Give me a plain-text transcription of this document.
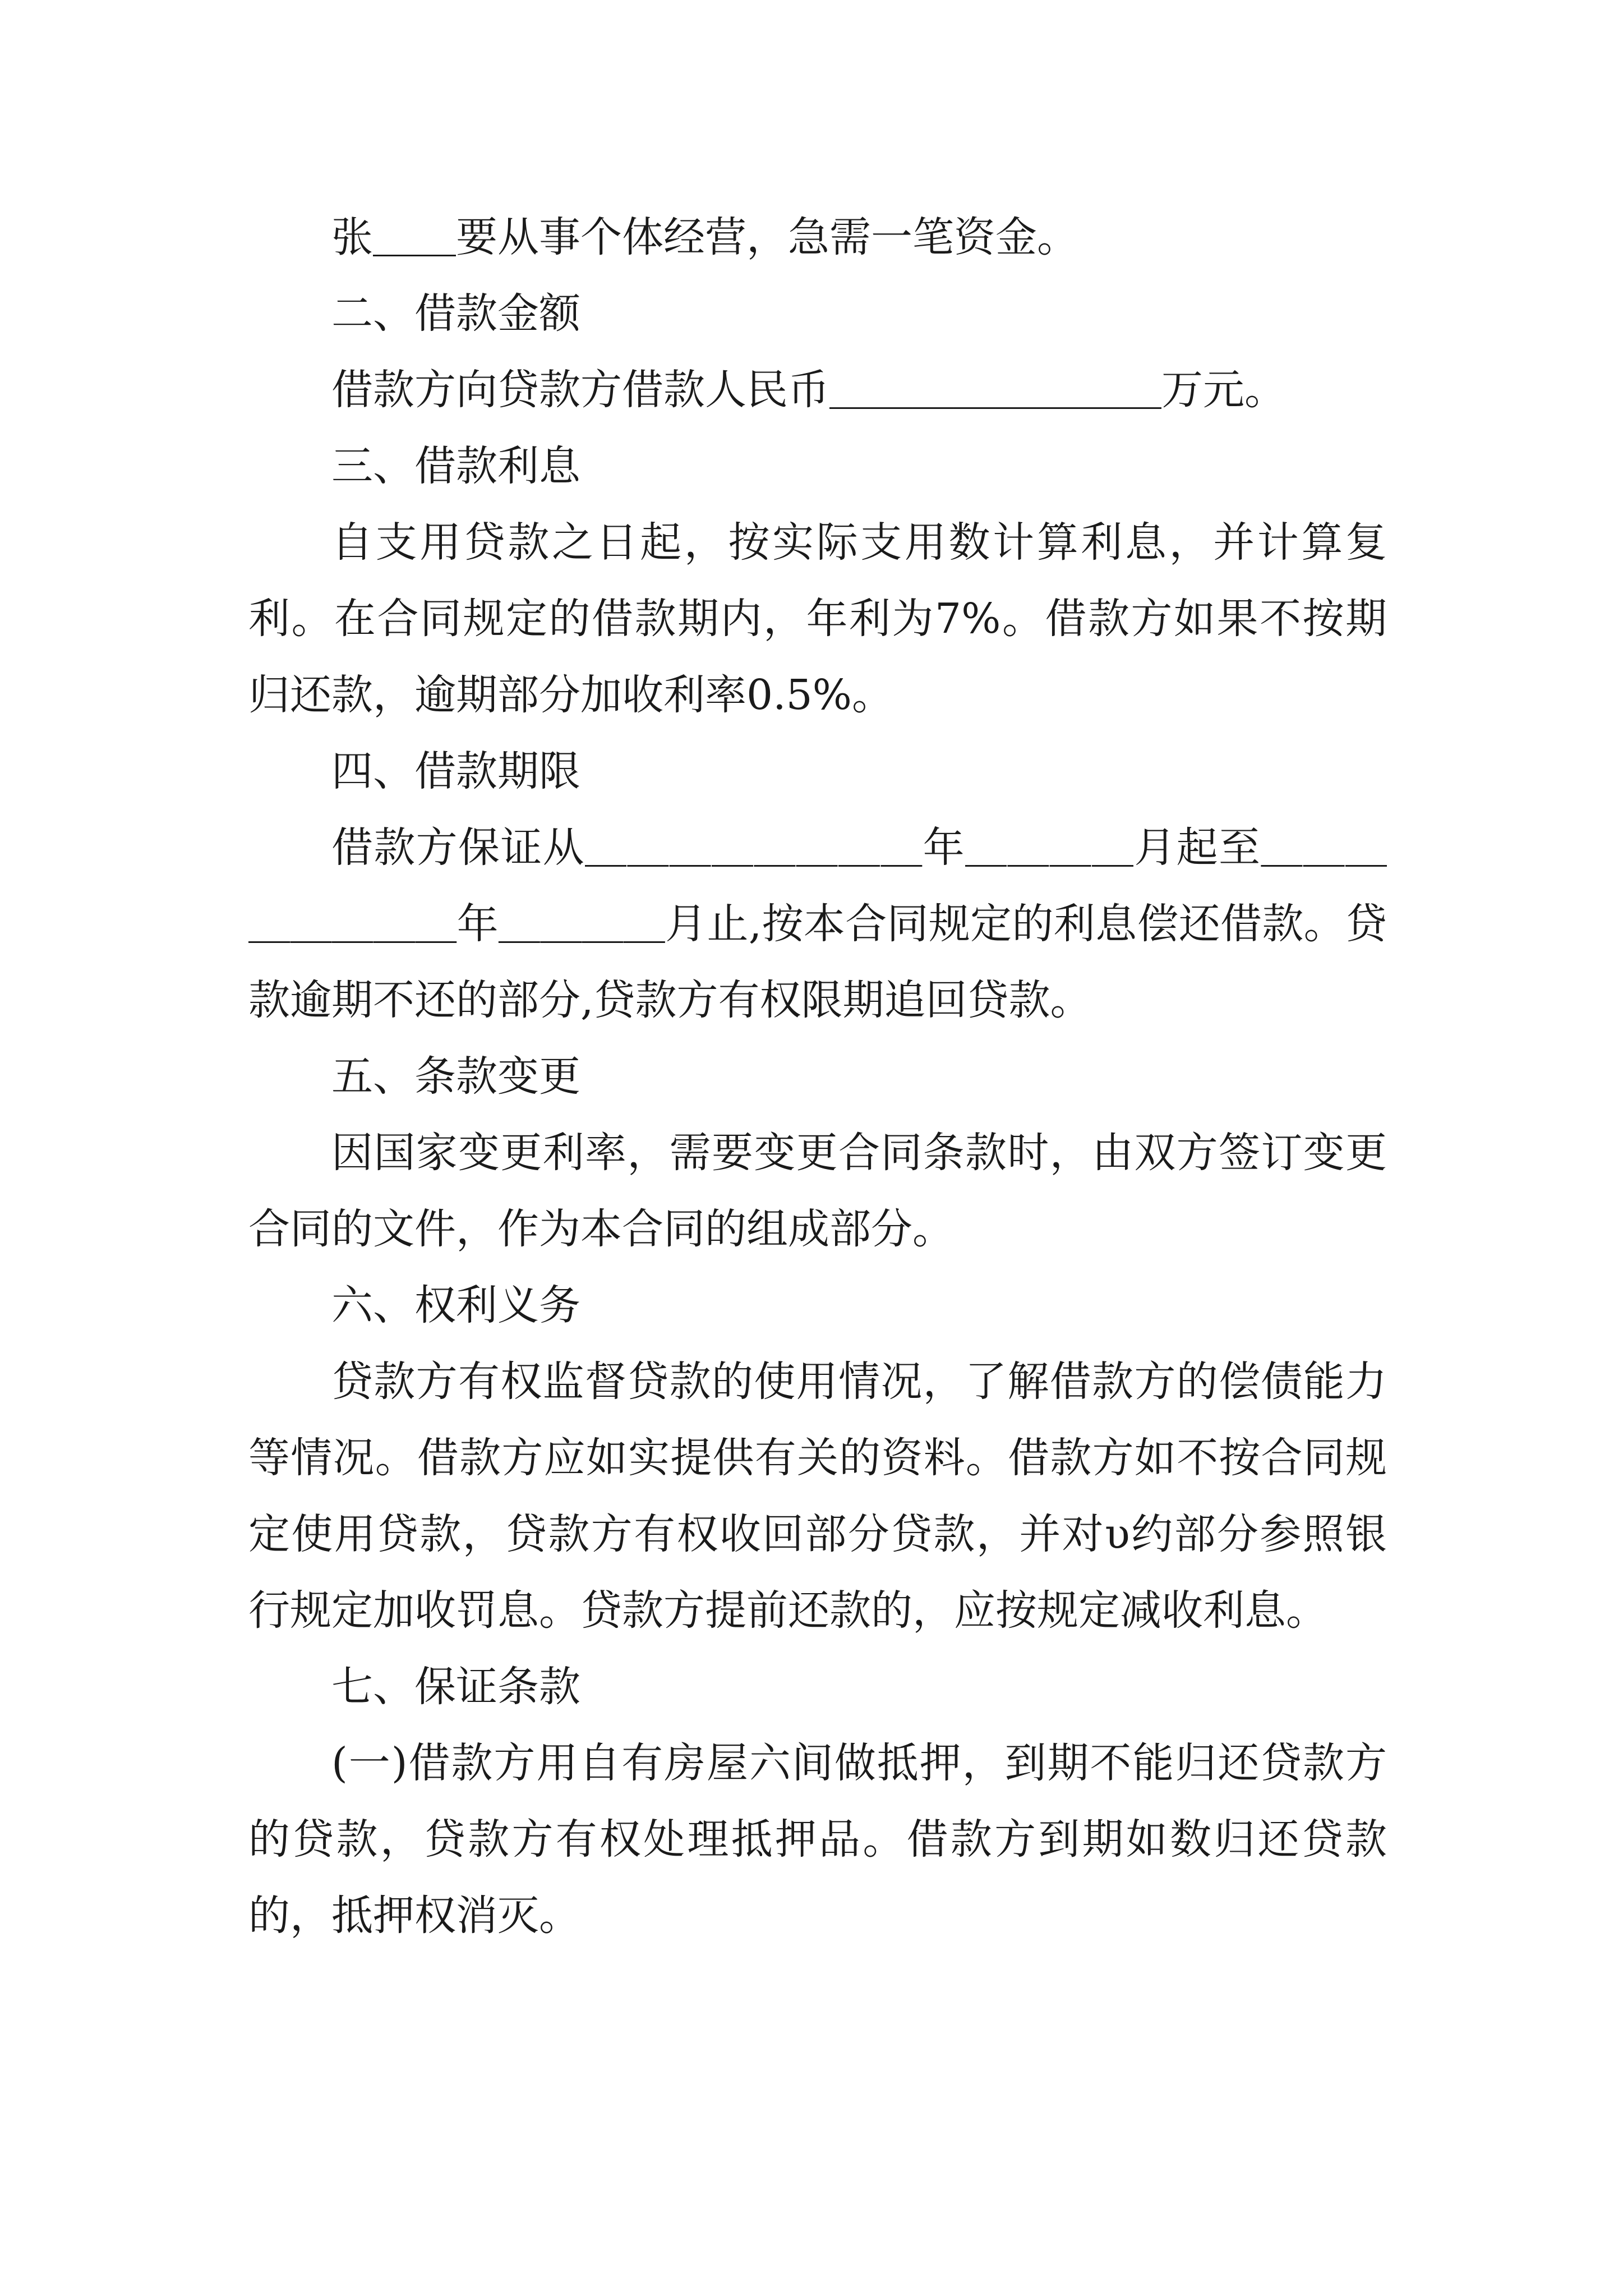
张＿＿要从事个体经营，急需一笔资金。

二、借款金额

借款方向贷款方借款人民币＿＿＿＿＿＿＿＿万元。

三、借款利息

自支用贷款之日起，按实际支用数计算利息，并计算复利。在合同规定的借款期内，年利为7%。借款方如果不按期归还款，逾期部分加收利率0.5%。

四、借款期限

借款方保证从＿＿＿＿＿＿＿＿年＿＿＿＿月起至＿＿＿＿＿＿＿＿年＿＿＿＿月止,按本合同规定的利息偿还借款。贷款逾期不还的部分,贷款方有权限期追回贷款。

五、条款变更

因国家变更利率，需要变更合同条款时，由双方签订变更合同的文件，作为本合同的组成部分。

六、权利义务

贷款方有权监督贷款的使用情况，了解借款方的偿债能力等情况。借款方应如实提供有关的资料。借款方如不按合同规定使用贷款，贷款方有权收回部分贷款，并对υ约部分参照银行规定加收罚息。贷款方提前还款的，应按规定减收利息。

七、保证条款

(一)借款方用自有房屋六间做抵押，到期不能归还贷款方的贷款，贷款方有权处理抵押品。借款方到期如数归还贷款的，抵押权消灭。
